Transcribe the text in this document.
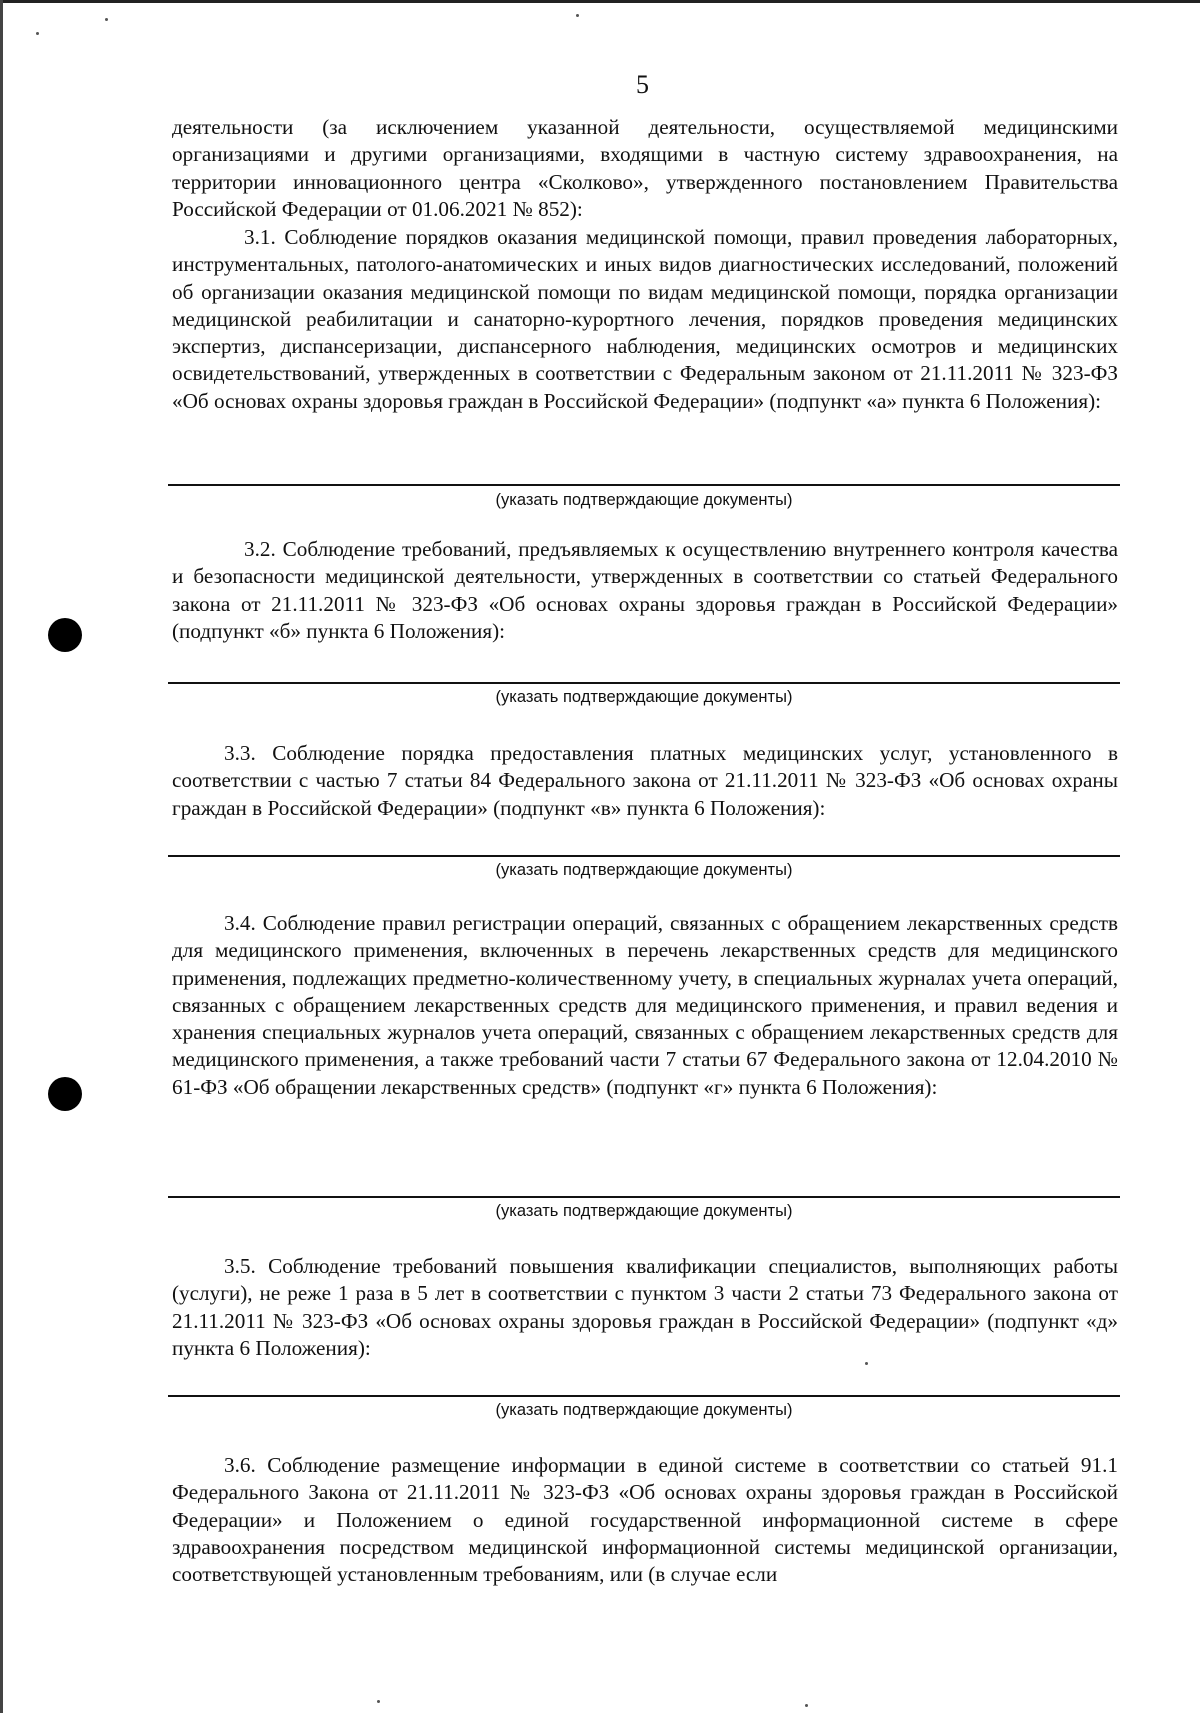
5

деятельности (за исключением указанной деятельности, осуществляемой медицинскими организациями и другими организациями, входящими в частную систему здравоохранения, на территории инновационного центра «Сколково», утвержденного постановлением Правительства Российской Федерации от 01.06.2021 № 852):

3.1. Соблюдение порядков оказания медицинской помощи, правил проведения лабораторных, инструментальных, патолого-анатомических и иных видов диагностических исследований, положений об организации оказания медицинской помощи по видам медицинской помощи, порядка организации медицинской реабилитации и санаторно-курортного лечения, порядков проведения медицинских экспертиз, диспансеризации, диспансерного наблюдения, медицинских осмотров и медицинских освидетельствований, утвержденных в соответствии с Федеральным законом от 21.11.2011 № 323-ФЗ «Об основах охраны здоровья граждан в Российской Федерации» (подпункт «а» пункта 6 Положения):

(указать подтверждающие документы)

3.2. Соблюдение требований, предъявляемых к осуществлению внутреннего контроля качества и безопасности медицинской деятельности, утвержденных в соответствии со статьей Федерального закона от 21.11.2011 № 323-ФЗ «Об основах охраны здоровья граждан в Российской Федерации» (подпункт «б» пункта 6 Положения):

(указать подтверждающие документы)

3.3. Соблюдение порядка предоставления платных медицинских услуг, установленного в соответствии с частью 7 статьи 84 Федерального закона от 21.11.2011 № 323-ФЗ «Об основах охраны граждан в Российской Федерации» (подпункт «в» пункта 6 Положения):

(указать подтверждающие документы)

3.4. Соблюдение правил регистрации операций, связанных с обращением лекарственных средств для медицинского применения, включенных в перечень лекарственных средств для медицинского применения, подлежащих предметно-количественному учету, в специальных журналах учета операций, связанных с обращением лекарственных средств для медицинского применения, и правил ведения и хранения специальных журналов учета операций, связанных с обращением лекарственных средств для медицинского применения, а также требований части 7 статьи 67 Федерального закона от 12.04.2010 № 61-ФЗ «Об обращении лекарственных средств» (подпункт «г» пункта 6 Положения):

(указать подтверждающие документы)

3.5. Соблюдение требований повышения квалификации специалистов, выполняющих работы (услуги), не реже 1 раза в 5 лет в соответствии с пунктом 3 части 2 статьи 73 Федерального закона от 21.11.2011 № 323-ФЗ «Об основах охраны здоровья граждан в Российской Федерации» (подпункт «д» пункта 6 Положения):

(указать подтверждающие документы)

3.6. Соблюдение размещение информации в единой системе в соответствии со статьей 91.1 Федерального Закона от 21.11.2011 № 323-ФЗ «Об основах охраны здоровья граждан в Российской Федерации» и Положением о единой государственной информационной системе в сфере здравоохранения посредством медицинской информационной системы медицинской организации, соответствующей установленным требованиям, или (в случае если
